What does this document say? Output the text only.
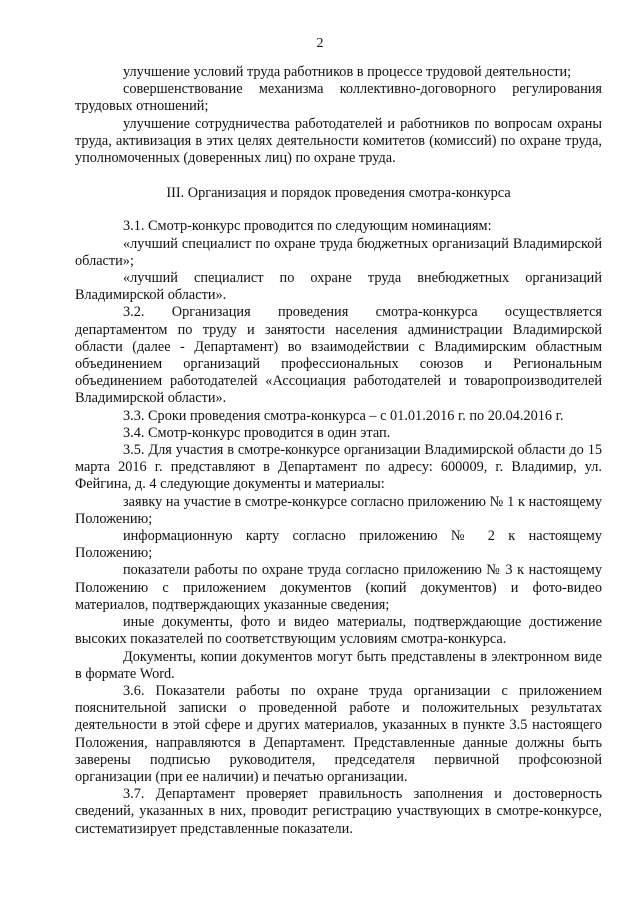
2

улучшение условий труда работников в процессе трудовой деятельности;

совершенствование механизма коллективно-договорного регулирования трудовых отношений;

улучшение сотрудничества работодателей и работников по вопросам охраны труда, активизация в этих целях деятельности комитетов (комиссий) по охране труда, уполномоченных (доверенных лиц) по охране труда.

III. Организация и порядок проведения смотра-конкурса

3.1. Смотр-конкурс проводится по следующим номинациям:

«лучший специалист по охране труда бюджетных организаций Владимирской области»;

«лучший специалист по охране труда внебюджетных организаций Владимирской области».

3.2. Организация проведения смотра-конкурса осуществляется департаментом по труду и занятости населения администрации Владимирской области (далее - Департамент) во взаимодействии с Владимирским областным объединением организаций профессиональных союзов и Региональным объединением работодателей «Ассоциация работодателей и товаропроизводителей Владимирской области».

3.3. Сроки проведения смотра-конкурса – с 01.01.2016 г. по 20.04.2016 г.

3.4. Смотр-конкурс проводится в один этап.

3.5. Для участия в смотре-конкурсе организации Владимирской области до 15 марта 2016 г. представляют в Департамент по адресу: 600009, г. Владимир, ул. Фейгина, д. 4 следующие документы и материалы:

заявку на участие в смотре-конкурсе согласно приложению № 1 к настоящему Положению;

информационную карту согласно приложению № 2 к настоящему Положению;

показатели работы по охране труда согласно приложению № 3 к настоящему Положению с приложением документов (копий документов) и фото-видео материалов, подтверждающих указанные сведения;

иные документы, фото и видео материалы, подтверждающие достижение высоких показателей по соответствующим условиям смотра-конкурса.

Документы, копии документов могут быть представлены в электронном виде в формате Word.

3.6. Показатели работы по охране труда организации с приложением пояснительной записки о проведенной работе и положительных результатах деятельности в этой сфере и других материалов, указанных в пункте 3.5 настоящего Положения, направляются в Департамент. Представленные данные должны быть заверены подписью руководителя, председателя первичной профсоюзной организации (при ее наличии) и печатью организации.

3.7. Департамент проверяет правильность заполнения и достоверность сведений, указанных в них, проводит регистрацию участвующих в смотре-конкурсе, систематизирует представленные показатели.
